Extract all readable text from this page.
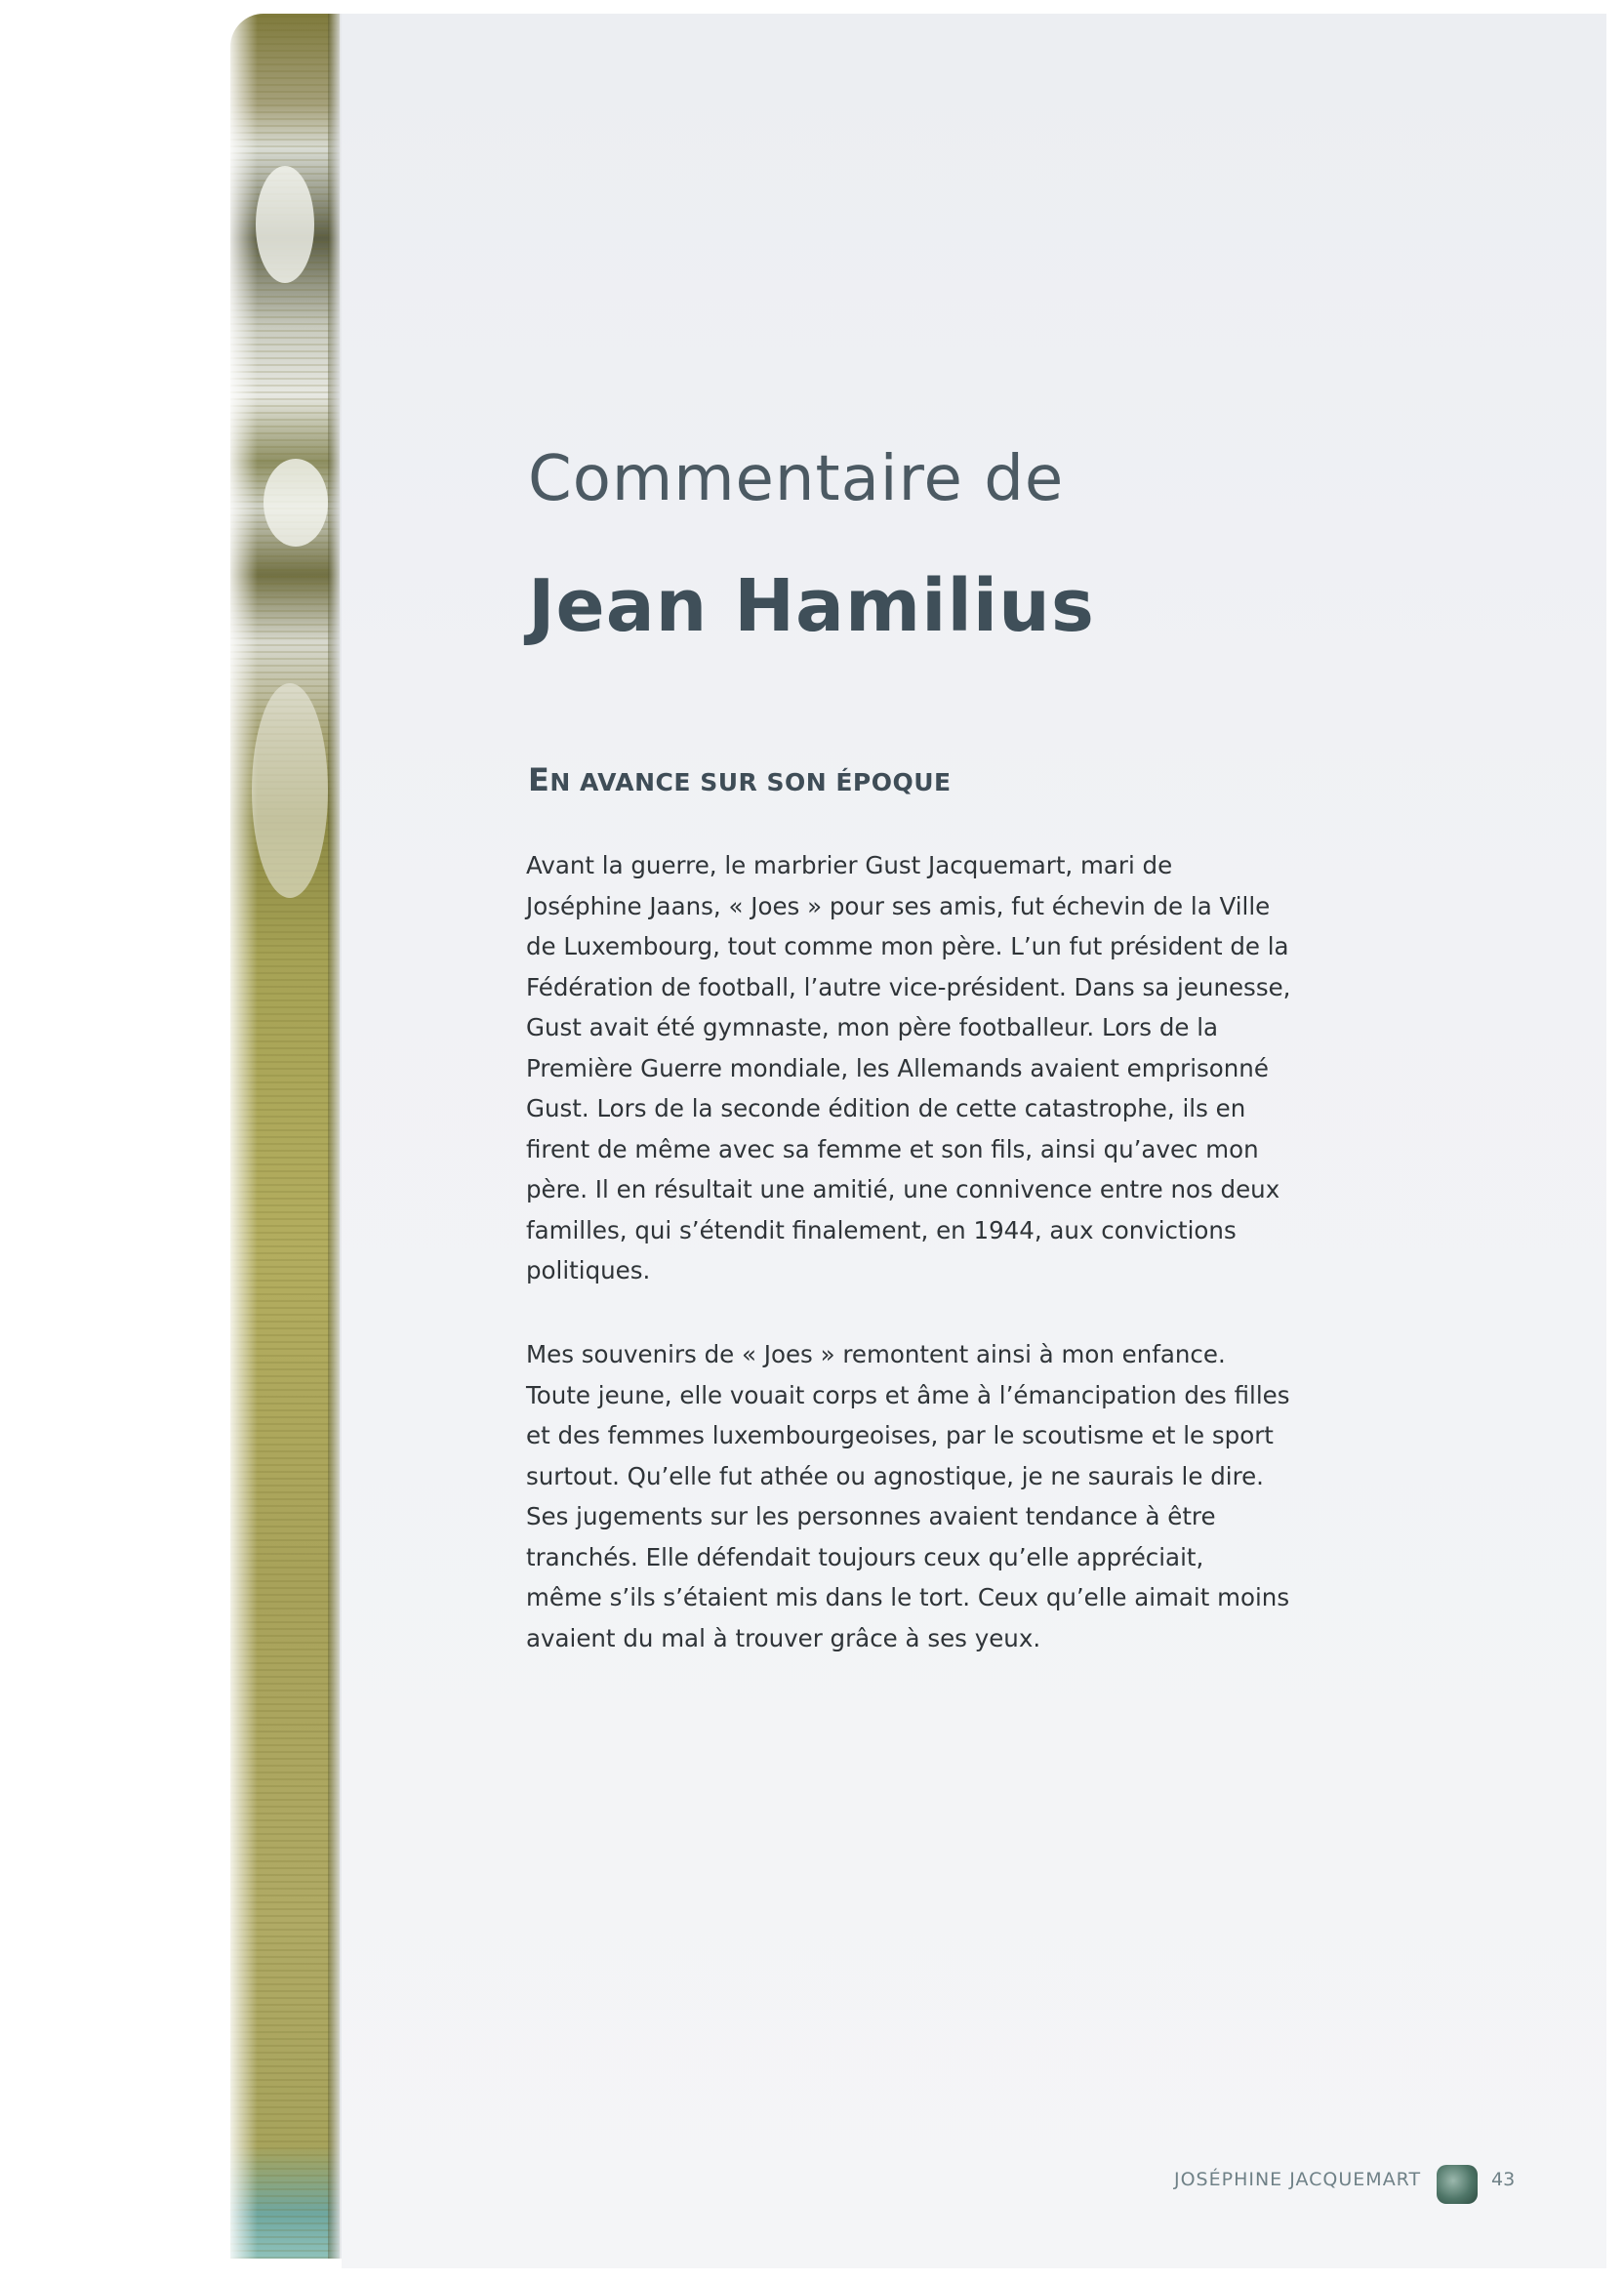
Commentaire de
Jean Hamilius
EN AVANCE SUR SON ÉPOQUE
Avant la guerre, le marbrier Gust Jacquemart, mari de
Joséphine Jaans, « Joes » pour ses amis, fut échevin de la Ville
de Luxembourg, tout comme mon père. L’un fut président de la
Fédération de football, l’autre vice-président. Dans sa jeunesse,
Gust avait été gymnaste, mon père footballeur. Lors de la
Première Guerre mondiale, les Allemands avaient emprisonné
Gust. Lors de la seconde édition de cette catastrophe, ils en
firent de même avec sa femme et son fils, ainsi qu’avec mon
père. Il en résultait une amitié, une connivence entre nos deux
familles, qui s’étendit finalement, en 1944, aux convictions
politiques.
Mes souvenirs de « Joes » remontent ainsi à mon enfance.
Toute jeune, elle vouait corps et âme à l’émancipation des filles
et des femmes luxembourgeoises, par le scoutisme et le sport
surtout. Qu’elle fut athée ou agnostique, je ne saurais le dire.
Ses jugements sur les personnes avaient tendance à être
tranchés. Elle défendait toujours ceux qu’elle appréciait,
même s’ils s’étaient mis dans le tort. Ceux qu’elle aimait moins
avaient du mal à trouver grâce à ses yeux.
JOSÉPHINE JACQUEMART	43
